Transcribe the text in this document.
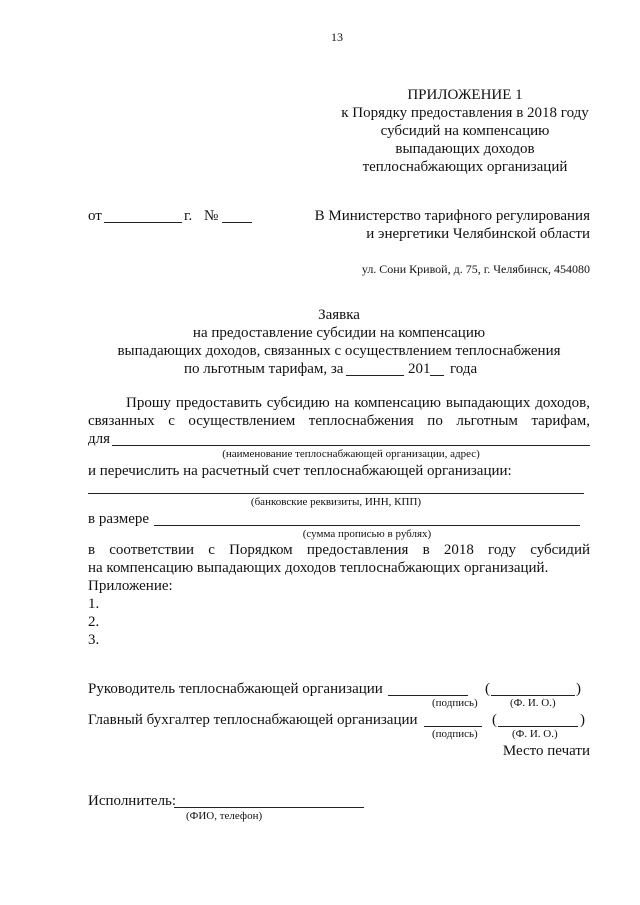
13
ПРИЛОЖЕНИЕ 1
к Порядку предоставления в 2018 году
субсидий на компенсацию
выпадающих доходов
теплоснабжающих организаций
от	г. №	В Министерство тарифного регулирования
и энергетики Челябинской области
ул. Сони Кривой, д. 75, г. Челябинск, 454080
Заявка
на предоставление субсидии на компенсацию
выпадающих доходов, связанных с осуществлением теплоснабжения
по льготным тарифам, за	201 года
Прошу предоставить субсидию на компенсацию выпадающих доходов,
связанных с осуществлением теплоснабжения по льготным тарифам,
для
(наименование теплоснабжающей организации, адрес)
и перечислить на расчетный счет теплоснабжающей организации:
(банковские реквизиты, ИНН, КПП)
в размере
(сумма прописью в рублях)
в соответствии с Порядком предоставления в 2018 году субсидий
на компенсацию выпадающих доходов теплоснабжающих организаций.
Приложение:
1.
2.
3.
Руководитель теплоснабжающей организации	(	)
(подпись)	(Ф. И. О.)
Главный бухгалтер теплоснабжающей организации	(	)
(подпись)	(Ф. И. О.)
Место печати
Исполнитель:
(ФИО, телефон)
